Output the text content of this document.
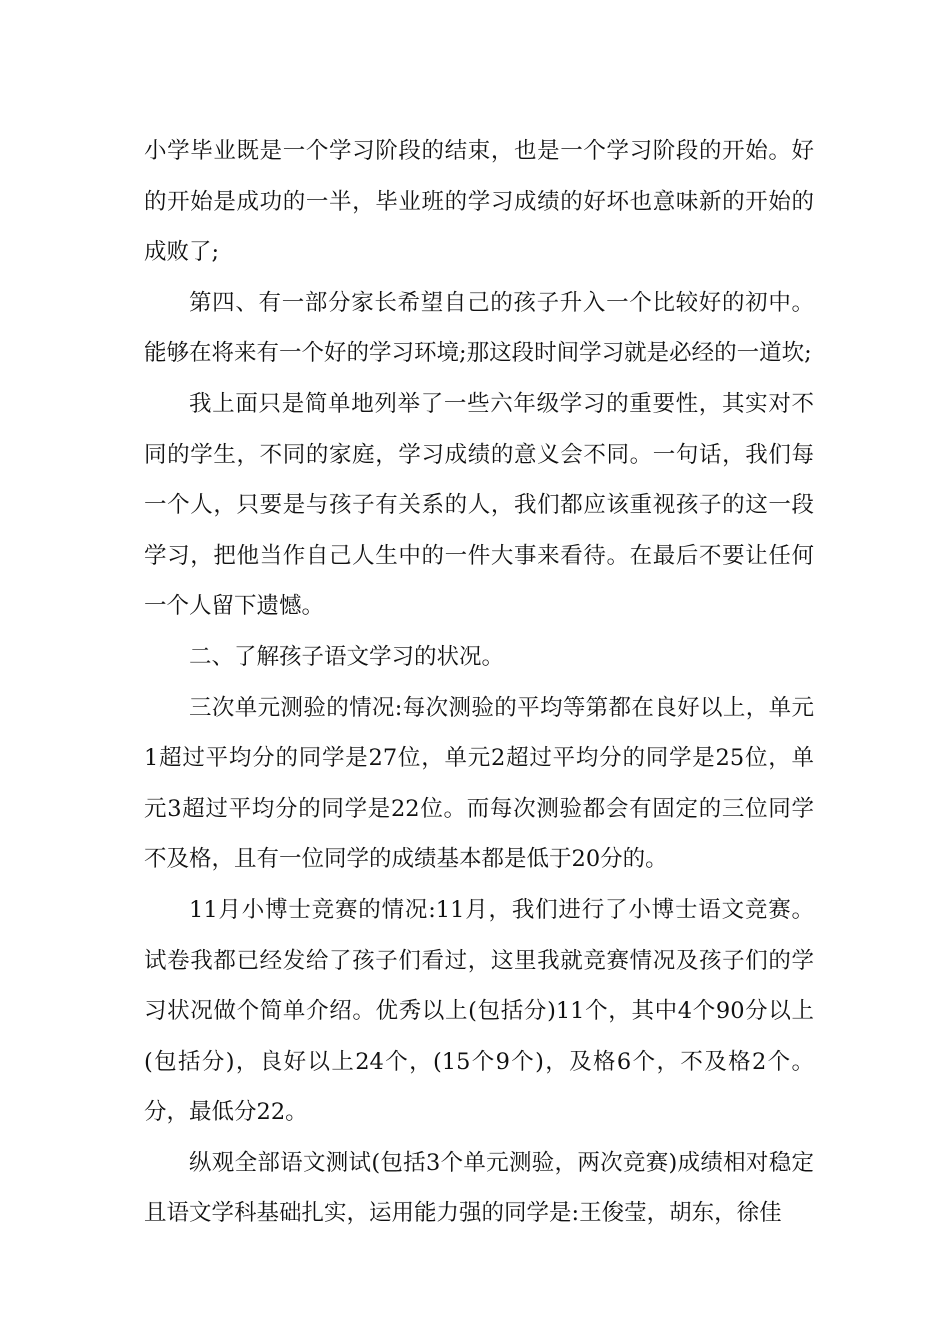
小学毕业既是一个学习阶段的结束，也是一个学习阶段的开始。好的开始是成功的一半，毕业班的学习成绩的好坏也意味新的开始的成败了;

第四、有一部分家长希望自己的孩子升入一个比较好的初中。能够在将来有一个好的学习环境;那这段时间学习就是必经的一道坎;

我上面只是简单地列举了一些六年级学习的重要性，其实对不同的学生，不同的家庭，学习成绩的意义会不同。一句话，我们每一个人，只要是与孩子有关系的人，我们都应该重视孩子的这一段学习，把他当作自己人生中的一件大事来看待。在最后不要让任何一个人留下遗憾。

二、了解孩子语文学习的状况。

三次单元测验的情况:每次测验的平均等第都在良好以上，单元1超过平均分的同学是27位，单元2超过平均分的同学是25位，单元3超过平均分的同学是22位。而每次测验都会有固定的三位同学不及格，且有一位同学的成绩基本都是低于20分的。

11月小博士竞赛的情况:11月，我们进行了小博士语文竞赛。试卷我都已经发给了孩子们看过，这里我就竞赛情况及孩子们的学习状况做个简单介绍。优秀以上(包括分)11个，其中4个90分以上(包括分)，良好以上24个，(15个9个)，及格6个，不及格2个。分，最低分22。

纵观全部语文测试(包括3个单元测验，两次竞赛)成绩相对稳定且语文学科基础扎实，运用能力强的同学是:王俊莹，胡东，徐佳
